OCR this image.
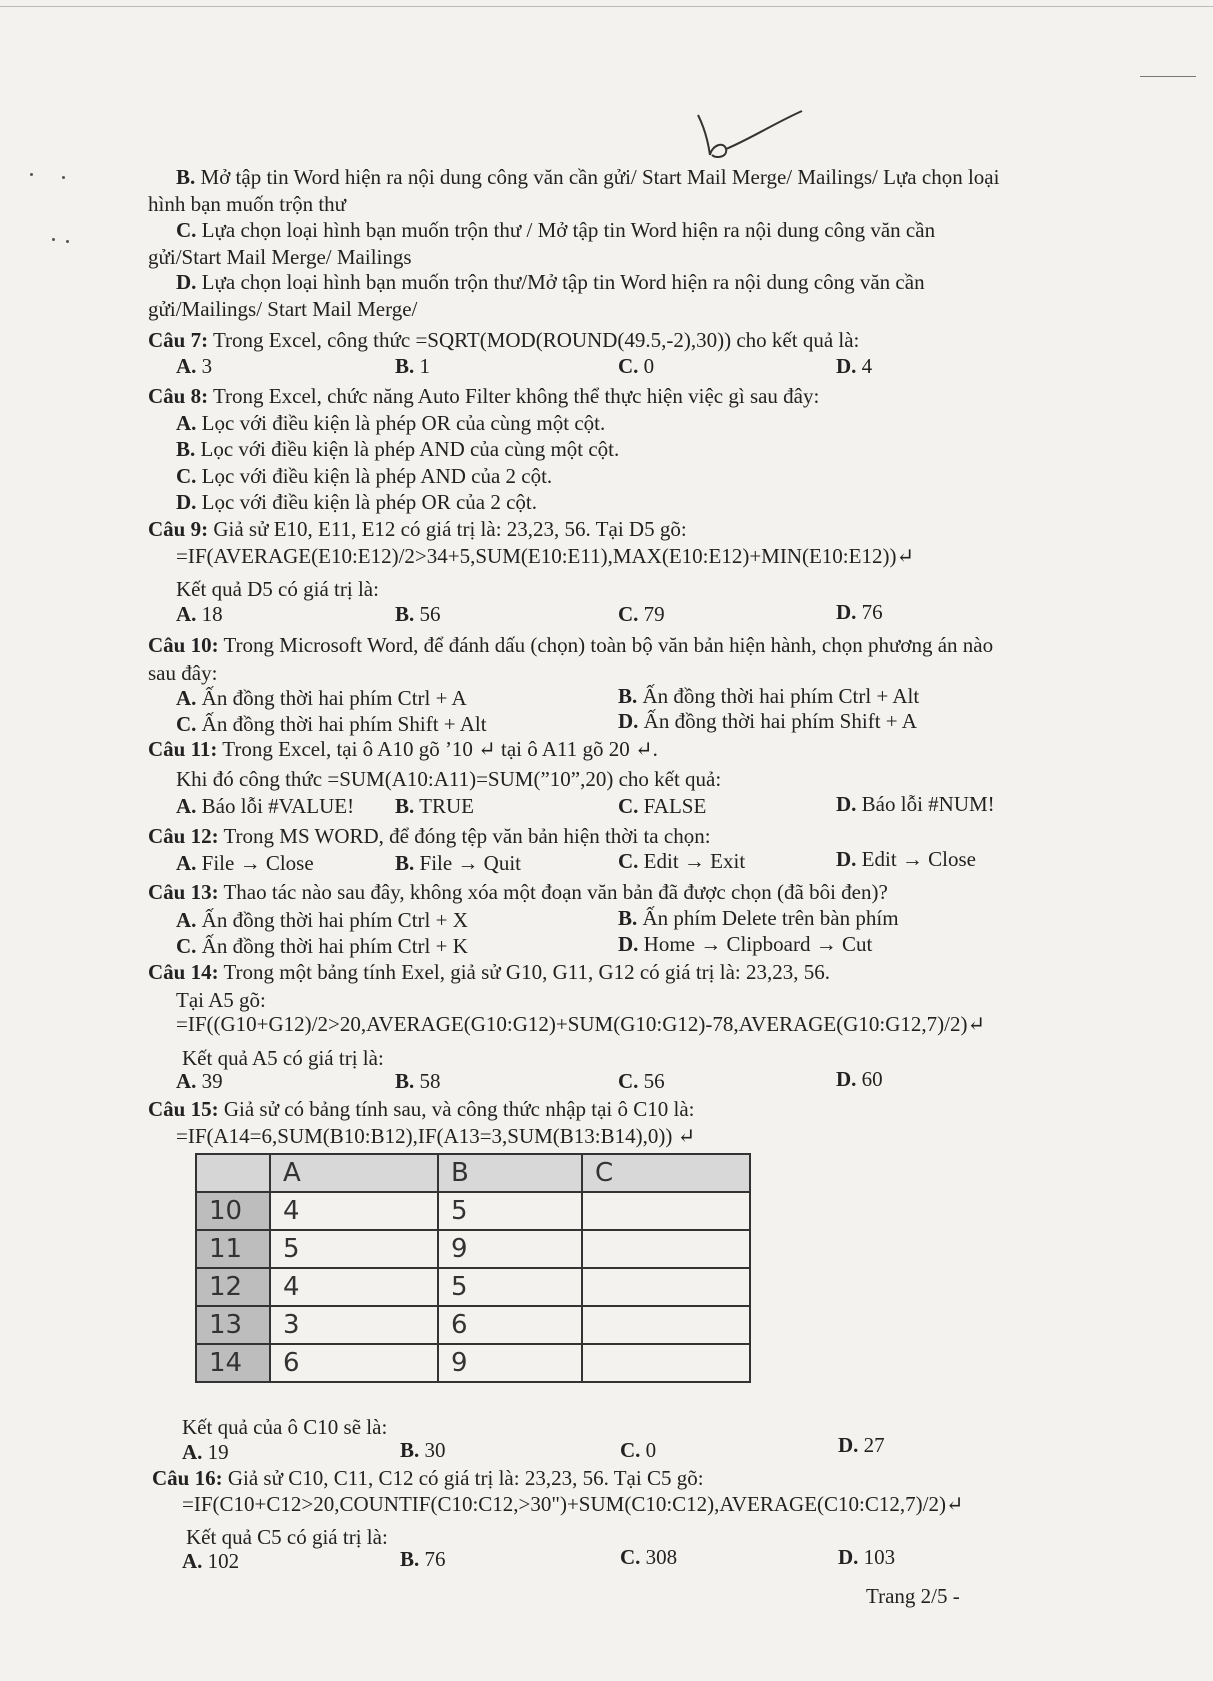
B. Mở tập tin Word hiện ra nội dung công văn cần gửi/ Start Mail Merge/ Mailings/ Lựa chọn loại
hình bạn muốn trộn thư
C. Lựa chọn loại hình bạn muốn trộn thư / Mở tập tin Word hiện ra nội dung công văn cần
gửi/Start Mail Merge/ Mailings
D. Lựa chọn loại hình bạn muốn trộn thư/Mở tập tin Word hiện ra nội dung công văn cần
gửi/Mailings/ Start Mail Merge/
Câu 7: Trong Excel, công thức =SQRT(MOD(ROUND(49.5,-2),30)) cho kết quả là:
Câu 8: Trong Excel, chức năng Auto Filter không thể thực hiện việc gì sau đây:
A. Lọc với điều kiện là phép OR của cùng một cột.
B. Lọc với điều kiện là phép AND của cùng một cột.
C. Lọc với điều kiện là phép AND của 2 cột.
D. Lọc với điều kiện là phép OR của 2 cột.
Câu 9: Giả sử E10, E11, E12 có giá trị là: 23,23, 56. Tại D5 gõ:
=IF(AVERAGE(E10:E12)/2>34+5,SUM(E10:E11),MAX(E10:E12)+MIN(E10:E12))↵
Kết quả D5 có giá trị là:
Câu 10: Trong Microsoft Word, để đánh dấu (chọn) toàn bộ văn bản hiện hành, chọn phương án nào
sau đây:
Câu 11: Trong Excel, tại ô A10 gõ ’10 ↵ tại ô A11 gõ 20 ↵.
Khi đó công thức =SUM(A10:A11)=SUM(”10”,20) cho kết quả:
Câu 12: Trong MS WORD, để đóng tệp văn bản hiện thời ta chọn:
Câu 13: Thao tác nào sau đây, không xóa một đoạn văn bản đã được chọn (đã bôi đen)?
Câu 14: Trong một bảng tính Exel, giả sử G10, G11, G12 có giá trị là: 23,23, 56.
Tại A5 gõ:
=IF((G10+G12)/2>20,AVERAGE(G10:G12)+SUM(G10:G12)-78,AVERAGE(G10:G12,7)/2)↵
Kết quả A5 có giá trị là:
Câu 15: Giả sử có bảng tính sau, và công thức nhập tại ô C10 là:
=IF(A14=6,SUM(B10:B12),IF(A13=3,SUM(B13:B14),0)) ↵
Kết quả của ô C10 sẽ là:
Câu 16: Giả sử C10, C11, C12 có giá trị là: 23,23, 56. Tại C5 gõ:
=IF(C10+C12>20,COUNTIF(C10:C12,>30")+SUM(C10:C12),AVERAGE(C10:C12,7)/2)↵
Kết quả C5 có giá trị là:
A. 3	B. 1	C. 0	D. 4
A. 18	B. 56	C. 79	D. 76
A. Ấn đồng thời hai phím Ctrl + A	B. Ấn đồng thời hai phím Ctrl + Alt
C. Ấn đồng thời hai phím Shift + Alt	D. Ấn đồng thời hai phím Shift + A
A. Báo lỗi #VALUE! B. TRUE	C. FALSE	D. Báo lỗi #NUM!
A. File → Close	B. File → Quit	C. Edit → Exit	D. Edit → Close
A. Ấn đồng thời hai phím Ctrl + X	B. Ấn phím Delete trên bàn phím
C. Ấn đồng thời hai phím Ctrl + K	D. Home → Clipboard → Cut
A. 39	B. 58	C. 56	D. 60
A. 19	B. 30	C. 0	D. 27
A. 102	B. 76	C. 308	D. 103
	A	B	C
10	4	5	
11	5	9	
12	4	5	
13	3	6	
14	6	9	
Trang 2/5 -
